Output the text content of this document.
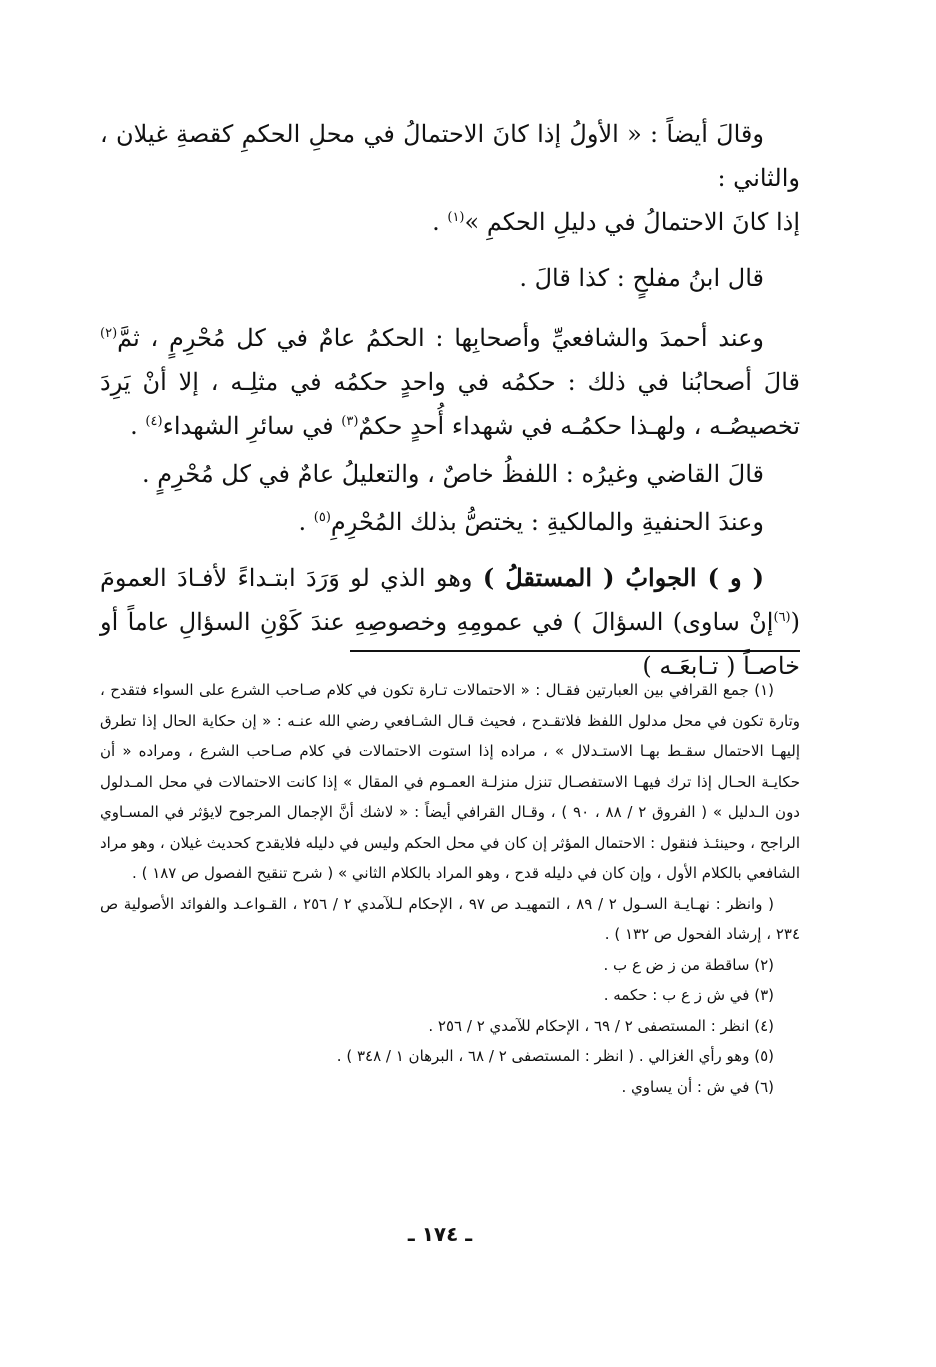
وقالَ أيضاً : « الأولُ إذا كانَ الاحتمالُ في محلِ الحكمِ كقصةِ غيلان ، والثاني :
إذا كانَ الاحتمالُ في دليلِ الحكمِ »$^{(١)}$ .

قال ابنُ مفلحٍ : كذا قالَ .

وعند أحمدَ والشافعيِّ وأصحابِها : الحكمُ عامٌ في كل مُحْرِمٍ ، ثمَّ$^{(٢)}$ قالَ أصحابُنا في ذلك : حكمُه في واحدٍ حكمُه في مثلِـه ، إلا أنْ يَرِدَ تخصيصُـه ، ولهـذا حكمُـه في شهداء أُحدٍ حكمٌ$^{(٣)}$ في سائرِ الشهداء$^{(٤)}$ .

قالَ القاضي وغيرُه : اللفظُ خاصٌ ، والتعليلُ عامٌ في كل مُحْرِمٍ .

وعندَ الحنفيةِ والمالكيةِ : يختصُّ بذلك المُحْرِمِ$^{(٥)}$ .

( و ) الجوابُ ( المستقلُ ) وهو الذي لو وَرَدَ ابتـداءً لأفـادَ العمومَ ($^{(٦)}$إنْ ساوى) السؤالَ ) في عمومِهِ وخصوصِهِ عندَ كَوْنِ السؤالِ عاماً أو خاصـاً ( تـابعَـه )

(١) جمع القرافي بين العبارتين فقـال : « الاحتمالات تـارة تكون في كلام صـاحب الشرع على السواء فتقدح ، وتارة تكون في محل مدلول اللفظ فلاتقـدح ، فحيث قـال الشـافعي رضي الله عنـه : « إن حكاية الحال إذا تطرق إليهـا الاحتمال سقـط بهـا الاستـدلال » ، مراده إذا استوت الاحتمالات في كلام صـاحب الشرع ، ومراده « أن حكايـة الحـال إذا ترك فيهـا الاستفصـال تنزل منزلـة العمـوم في المقال » إذا كانت الاحتمالات في محل المـدلول دون الـدليل » ( الفروق ٢ / ٨٨ ، ٩٠ ) ، وقـال القرافي أيضاً : « لاشك أنَّ الإجمال المرجوح لايؤثر في المسـاوي الراجح ، وحينئـذ فنقول : الاحتمال المؤثر إن كان في محل الحكم وليس في دليله فلايقدح كحديث غيلان ، وهو مراد الشافعي بالكلام الأول ، وإن كان في دليله قدح ، وهو المراد بالكلام الثاني » ( شرح تنقيح الفصول ص ١٨٧ ) .

( وانظر : نهـايـة السـول ٢ / ٨٩ ، التمهيـد ص ٩٧ ، الإحكام لـلآمدي ٢ / ٢٥٦ ، القـواعـد والفوائد الأصولية ص ٢٣٤ ، إرشاد الفحول ص ١٣٢ ) .

(٢) ساقطة من ز ض ع ب .

(٣) في ش ز ع ب : حكمه .

(٤) انظر : المستصفى ٢ / ٦٩ ، الإحكام للآمدي ٢ / ٢٥٦ .

(٥) وهو رأي الغزالي . ( انظر : المستصفى ٢ / ٦٨ ، البرهان ١ / ٣٤٨ ) .

(٦) في ش : أن يساوي .

ـ ١٧٤ ـ
